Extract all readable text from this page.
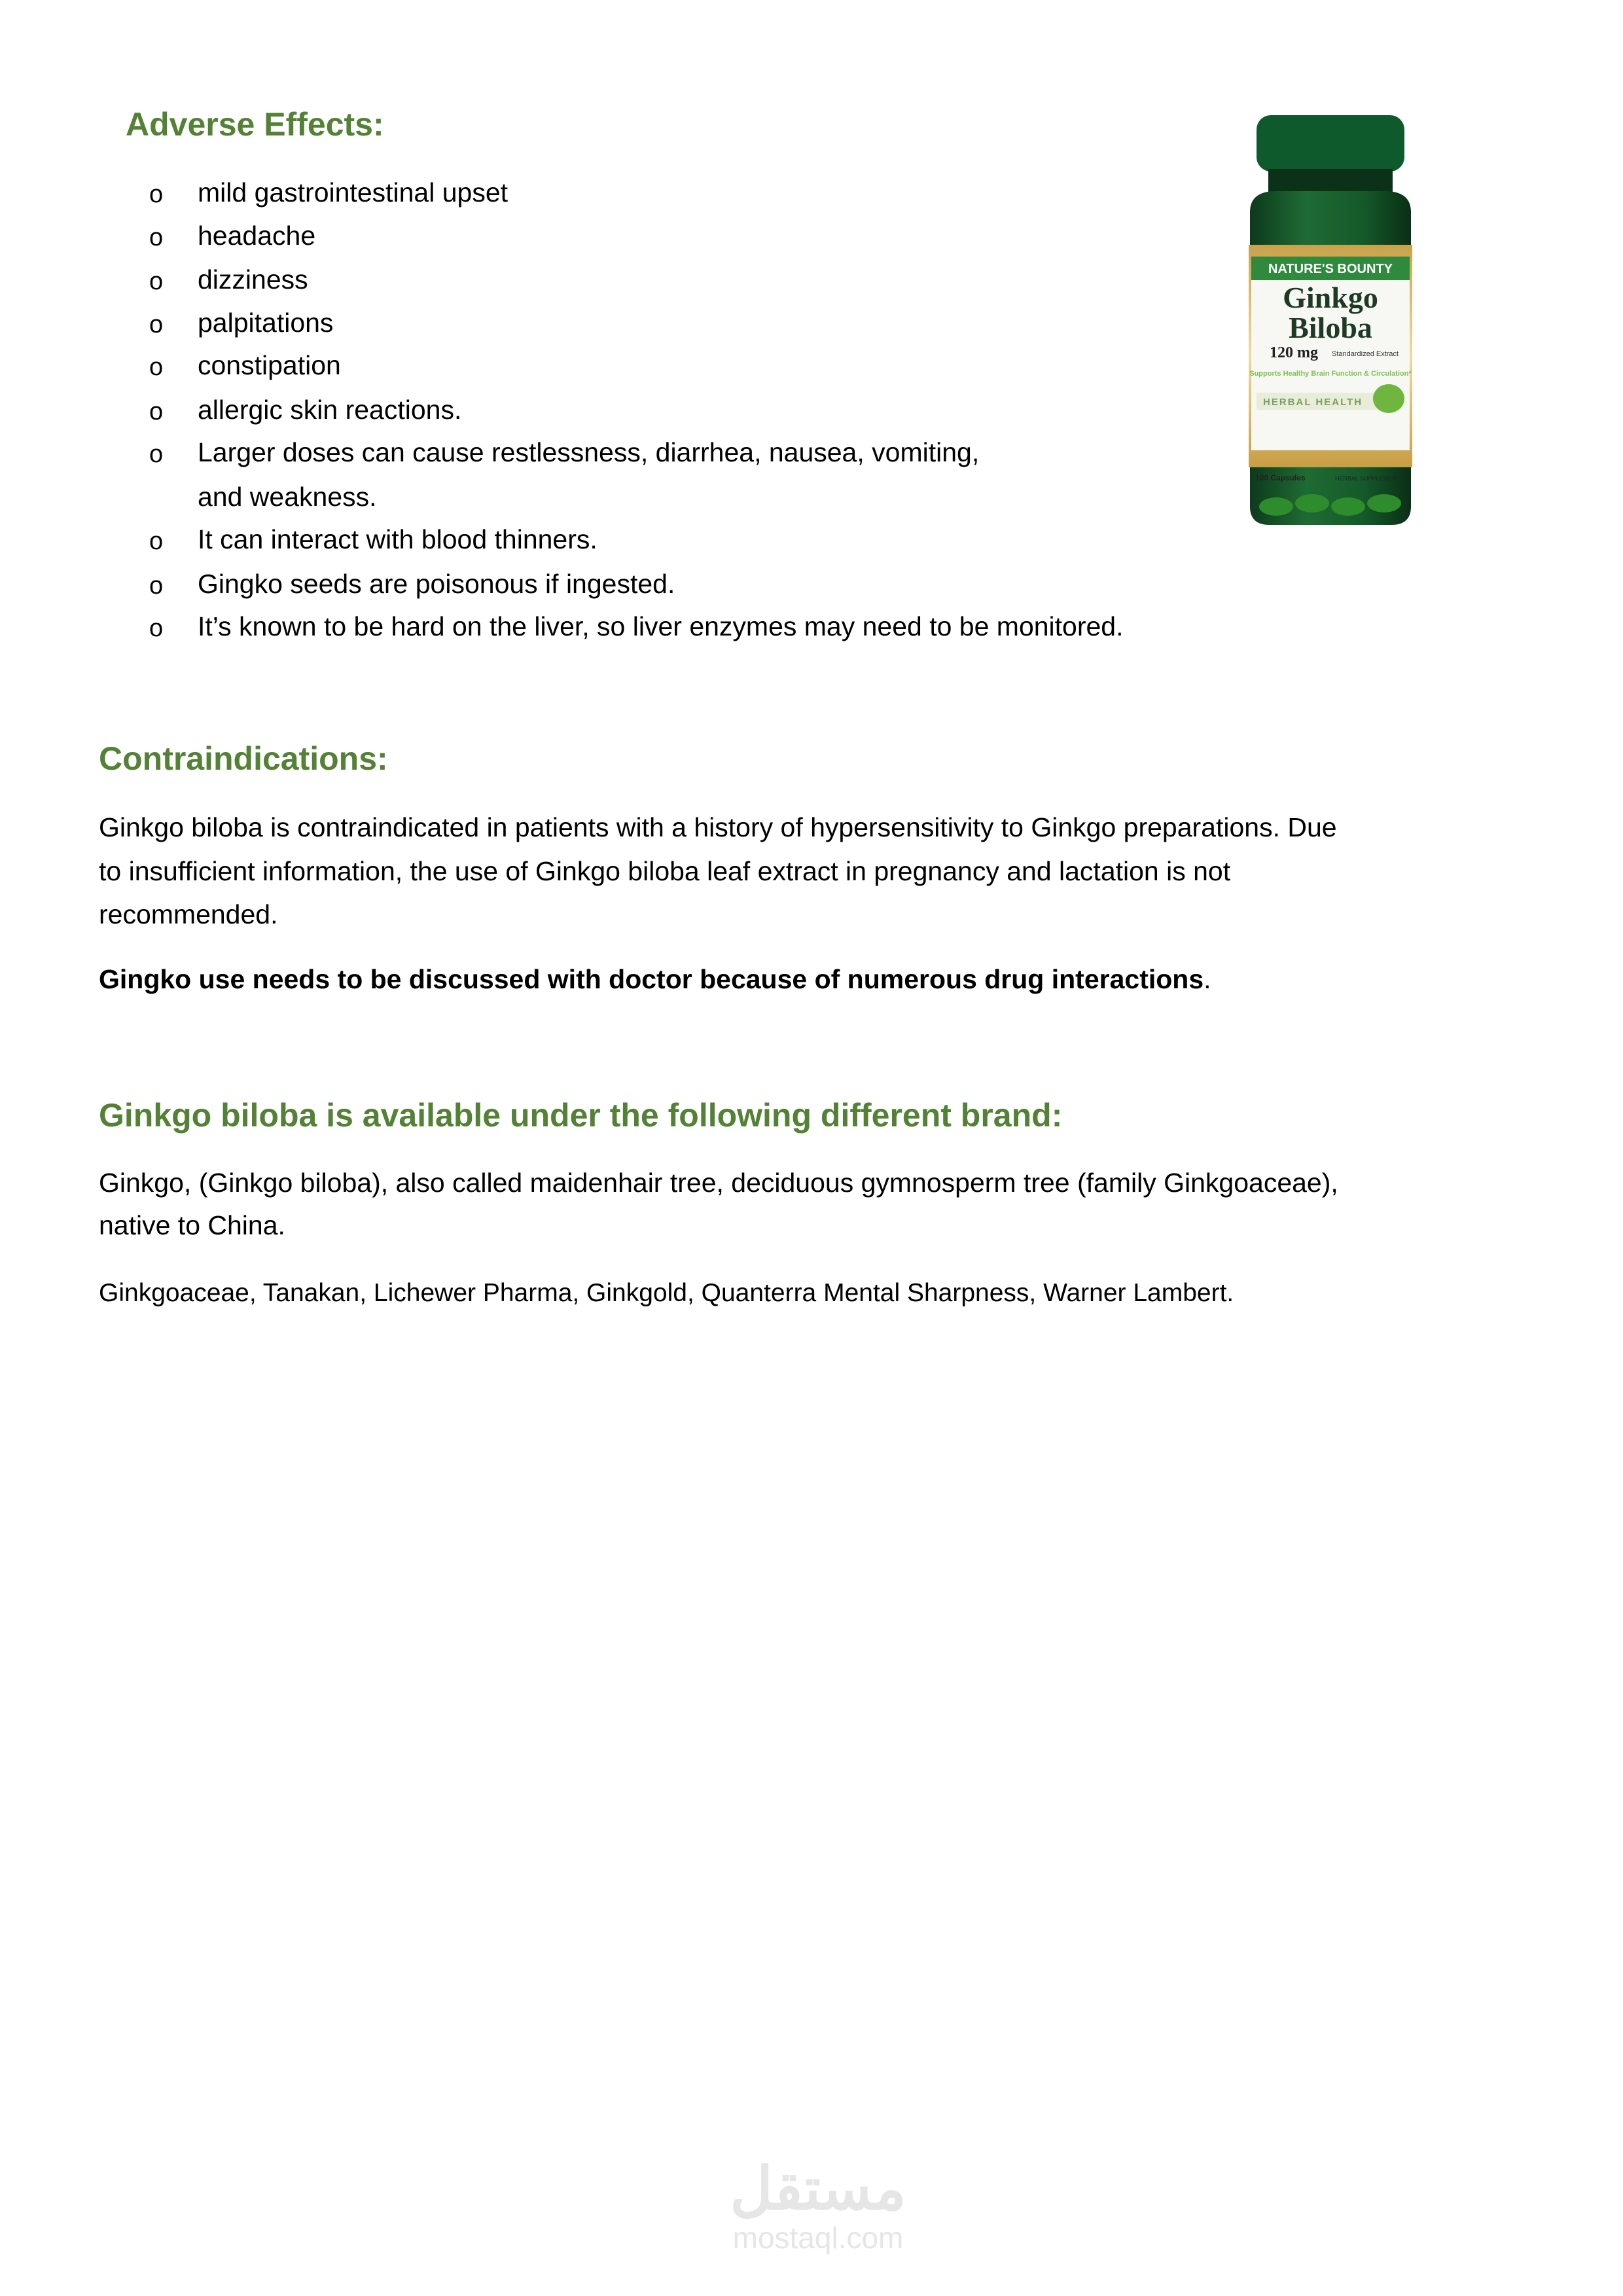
Adverse Effects:
o mild gastrointestinal upset
o headache
o dizziness
o palpitations
o constipation
o allergic skin reactions.
o Larger doses can cause restlessness, diarrhea, nausea, vomiting,
and weakness.
o It can interact with blood thinners.
o Gingko seeds are poisonous if ingested.
o It’s known to be hard on the liver, so liver enzymes may need to be monitored.
NATURE'S BOUNTY
Ginkgo
Biloba
120 mg Standardized Extract
Supports Healthy Brain Function & Circulation*
HERBAL HEALTH
100 Capsules	HERBAL SUPPLEMENT
Contraindications:
Ginkgo biloba is contraindicated in patients with a history of hypersensitivity to Ginkgo preparations. Due
to insufficient information, the use of Ginkgo biloba leaf extract in pregnancy and lactation is not
recommended.
Gingko use needs to be discussed with doctor because of numerous drug interactions.
Ginkgo biloba is available under the following different brand:
Ginkgo, (Ginkgo biloba), also called maidenhair tree, deciduous gymnosperm tree (family Ginkgoaceae),
native to China.
Ginkgoaceae, Tanakan, Lichewer Pharma, Ginkgold, Quanterra Mental Sharpness, Warner Lambert.
مستقل
mostaql.com
